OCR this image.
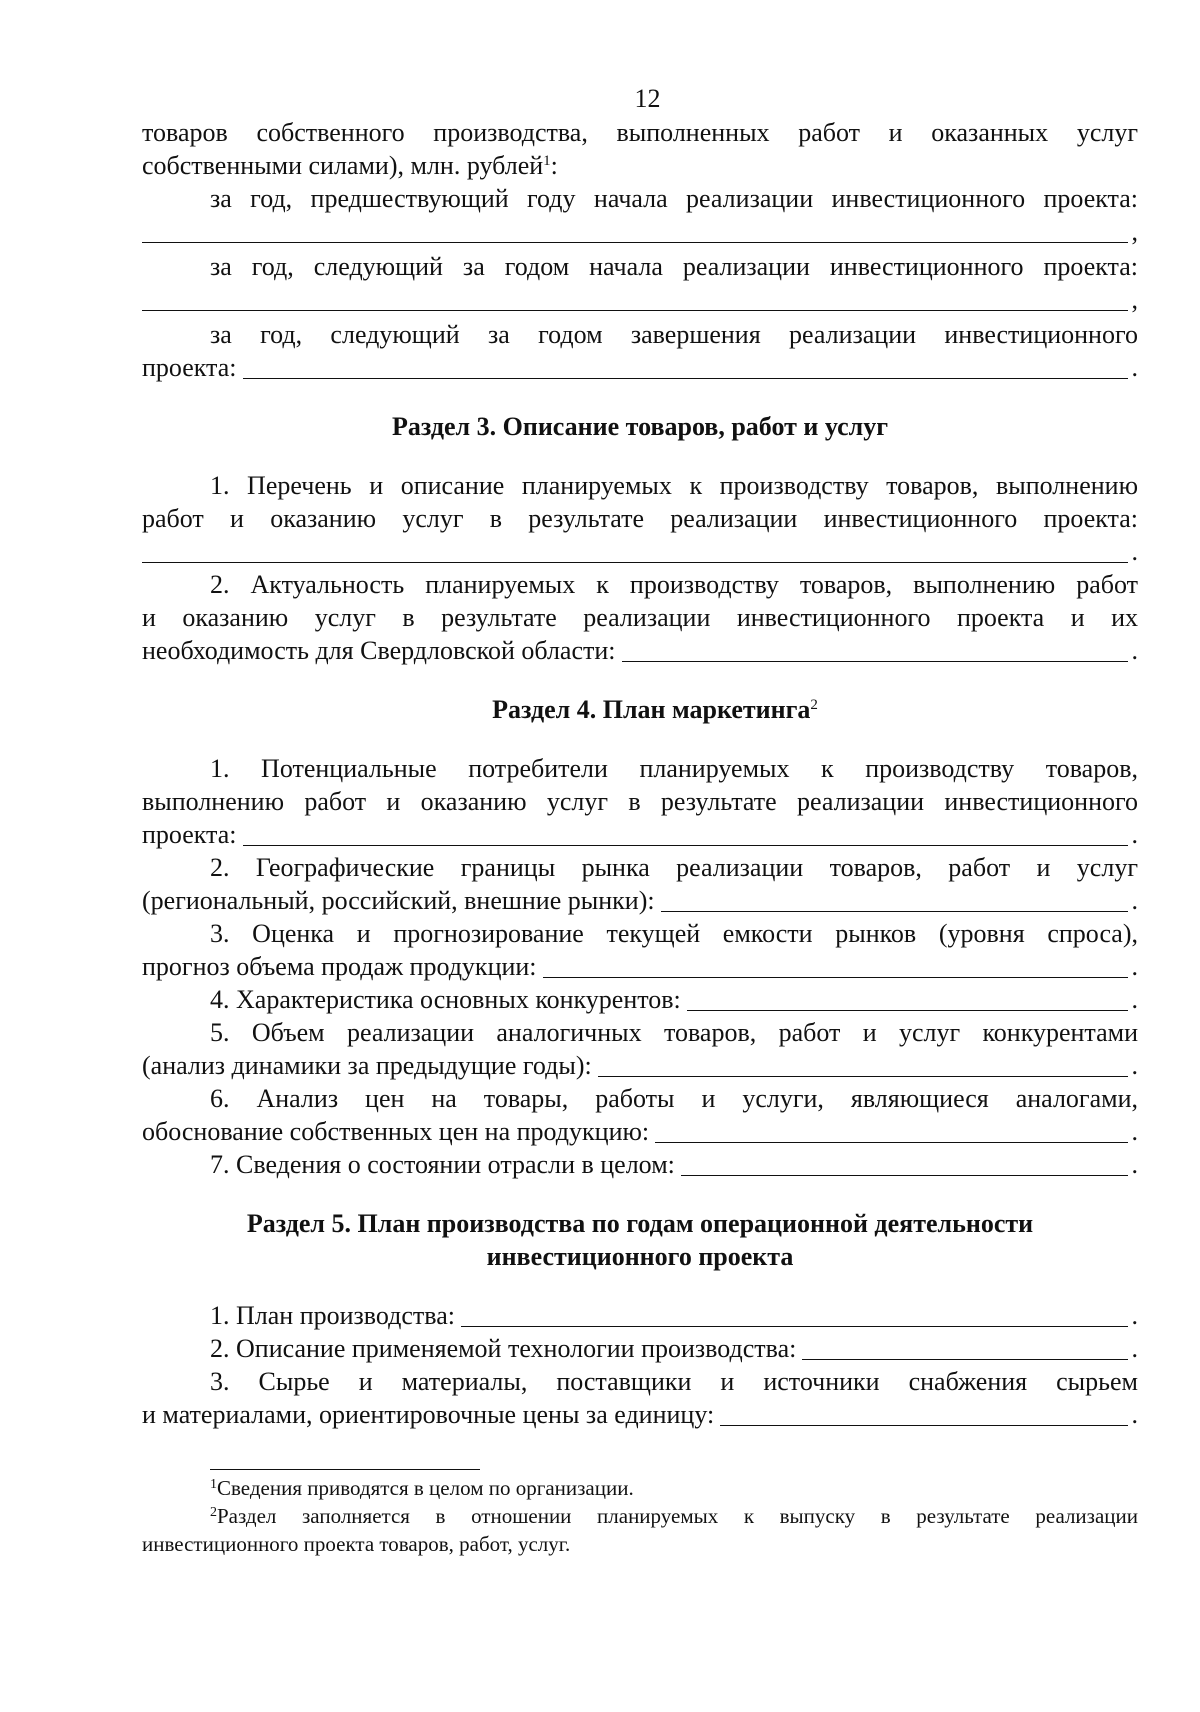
12

товаров собственного производства, выполненных работ и оказанных услуг

собственными силами), млн. рублей$^1$:

за год, предшествующий году начала реализации инвестиционного проекта:

,

за год, следующий за годом начала реализации инвестиционного проекта:

,

за год, следующий за годом завершения реализации инвестиционного

проекта:	.
Раздел 3. Описание товаров, работ и услуг

1. Перечень и описание планируемых к производству товаров, выполнению

работ и оказанию услуг в результате реализации инвестиционного проекта:

.

2. Актуальность планируемых к производству товаров, выполнению работ

и оказанию услуг в результате реализации инвестиционного проекта и их

необходимость для Свердловской области:	.
Раздел 4. План маркетинга$^2$

1. Потенциальные потребители планируемых к производству товаров,

выполнению работ и оказанию услуг в результате реализации инвестиционного

проекта:	.

2. Географические границы рынка реализации товаров, работ и услуг

(региональный, российский, внешние рынки):	.

3. Оценка и прогнозирование текущей емкости рынков (уровня спроса),

прогноз объема продаж продукции:	.
4. Характеристика основных конкурентов:	.

5. Объем реализации аналогичных товаров, работ и услуг конкурентами

(анализ динамики за предыдущие годы):	.

6. Анализ цен на товары, работы и услуги, являющиеся аналогами,

обоснование собственных цен на продукцию:	.
7. Сведения о состоянии отрасли в целом:	.
Раздел 5. План производства по годам операционной деятельности
инвестиционного проекта
1. План производства:	.
2. Описание применяемой технологии производства:	.

3. Сырье и материалы, поставщики и источники снабжения сырьем

и материалами, ориентировочные цены за единицу:	.

$^1$Сведения приводятся в целом по организации.

$^2$Раздел заполняется в отношении планируемых к выпуску в результате реализации

инвестиционного проекта товаров, работ, услуг.
